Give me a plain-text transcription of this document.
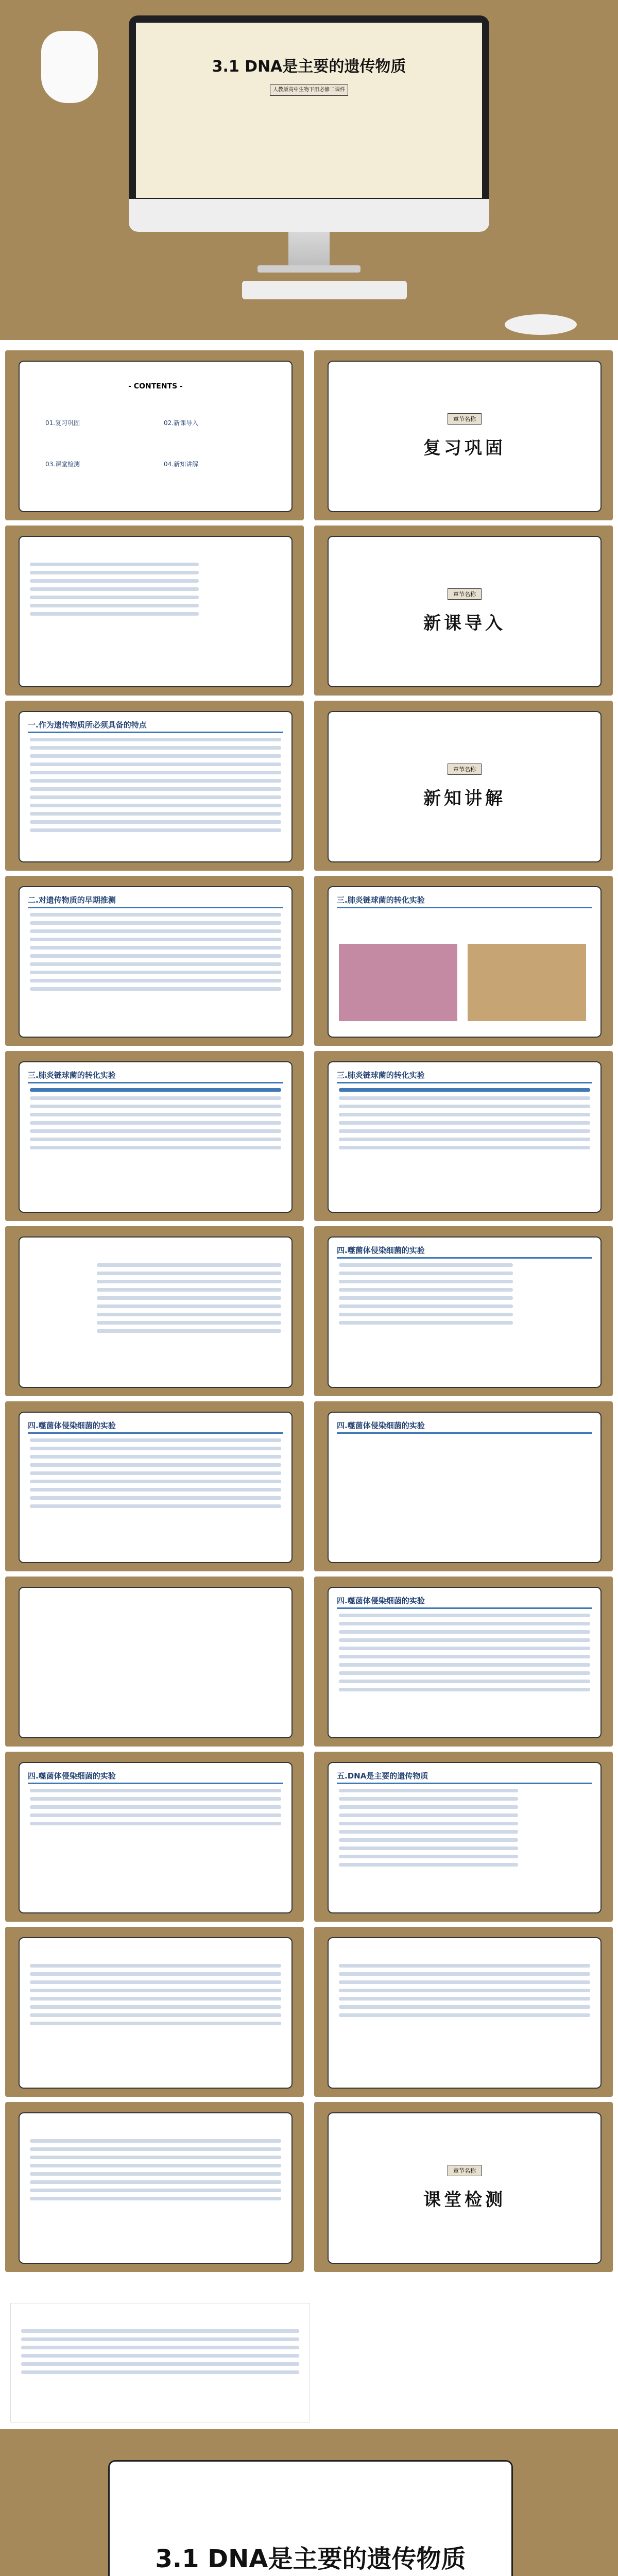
3.1 DNA是主要的遗传物质
人教版高中生物下册必修二课件
- CONTENTS -
01.复习巩固	02.新课导入
03.课堂检测	04.新知讲解
章节名称
复习巩固
章节名称
新课导入
一.作为遗传物质所必须具备的特点
章节名称
新知讲解
二.对遗传物质的早期推测	三.肺炎链球菌的转化实验
三.肺炎链球菌的转化实验	三.肺炎链球菌的转化实验
四.噬菌体侵染细菌的实验
四.噬菌体侵染细菌的实验	四.噬菌体侵染细菌的实验
四.噬菌体侵染细菌的实验
四.噬菌体侵染细菌的实验	五.DNA是主要的遗传物质
章节名称
课堂检测
3.1 DNA是主要的遗传物质
